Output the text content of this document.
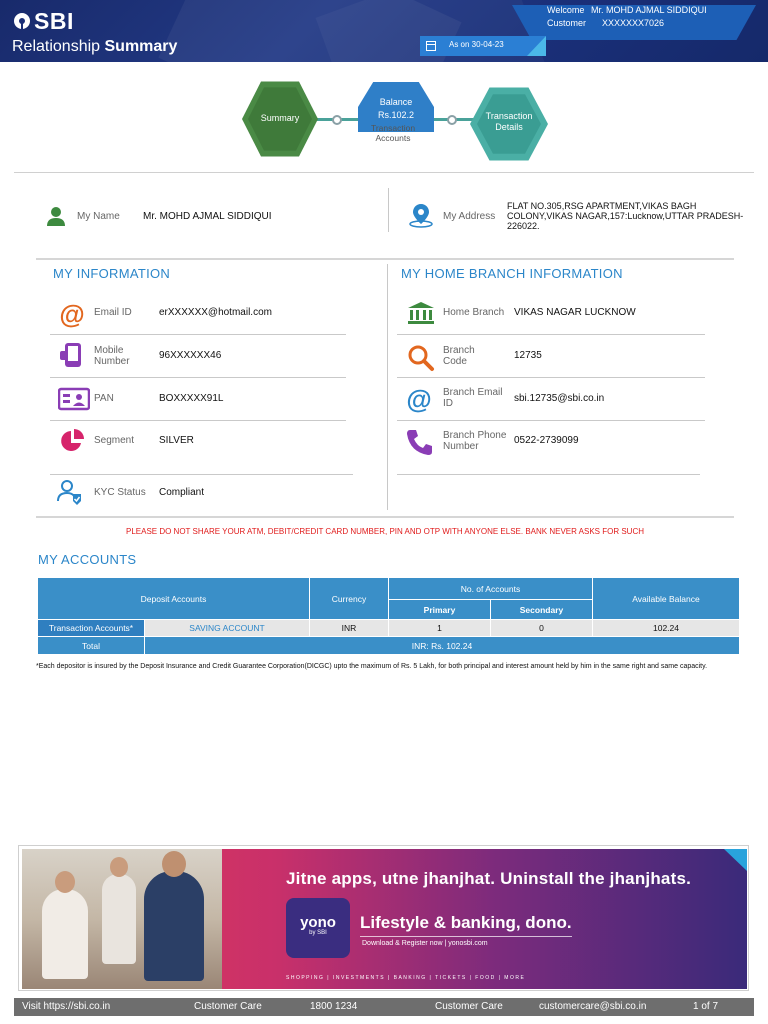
SBI
Relationship Summary
Welcome Mr. MOHD AJMAL SIDDIQUI
Customer XXXXXXX7026
As on 30-04-23
Summary
Balance
Rs.102.2
Transaction Accounts
Transaction
Details
My Name Mr. MOHD AJMAL SIDDIQUI	My Address
FLAT NO.305,RSG APARTMENT,VIKAS BAGH COLONY,VIKAS NAGAR,157:Lucknow,UTTAR PRADESH-226022.
MY INFORMATION
@ Email ID	erXXXXXX@hotmail.com
Mobile Number
96XXXXXX46
PAN	BOXXXXX91L
Segment SILVER
KYC Status Compliant
MY HOME BRANCH INFORMATION
Home Branch VIKAS NAGAR LUCKNOW
Branch Code
12735
@ Branch Email ID	sbi.12735@sbi.co.in
Branch Phone Number
0522-2739099
PLEASE DO NOT SHARE YOUR ATM, DEBIT/CREDIT CARD NUMBER, PIN AND OTP WITH ANYONE ELSE. BANK NEVER ASKS FOR SUCH
MY ACCOUNTS
Deposit Accounts		Currency	No. of Accounts		Available Balance
			Primary	Secondary	
Transaction Accounts*	SAVING ACCOUNT	INR	1	0	102.24
Total	INR: Rs. 102.24				
*Each depositor is insured by the Deposit Insurance and Credit Guarantee Corporation(DICGC) upto the maximum of Rs. 5 Lakh, for both principal and interest amount held by him in the same right and same capacity.
Jitne apps, utne jhanjhat. Uninstall the jhanjhats.
yono
by SBI
Lifestyle & banking, dono.
Download & Register now | yonosbi.com
SHOPPING | INVESTMENTS | BANKING | TICKETS | FOOD | MORE
Visit https://sbi.co.in	Customer Care	1800 1234	Customer Care	customercare@sbi.co.in	1 of 7
